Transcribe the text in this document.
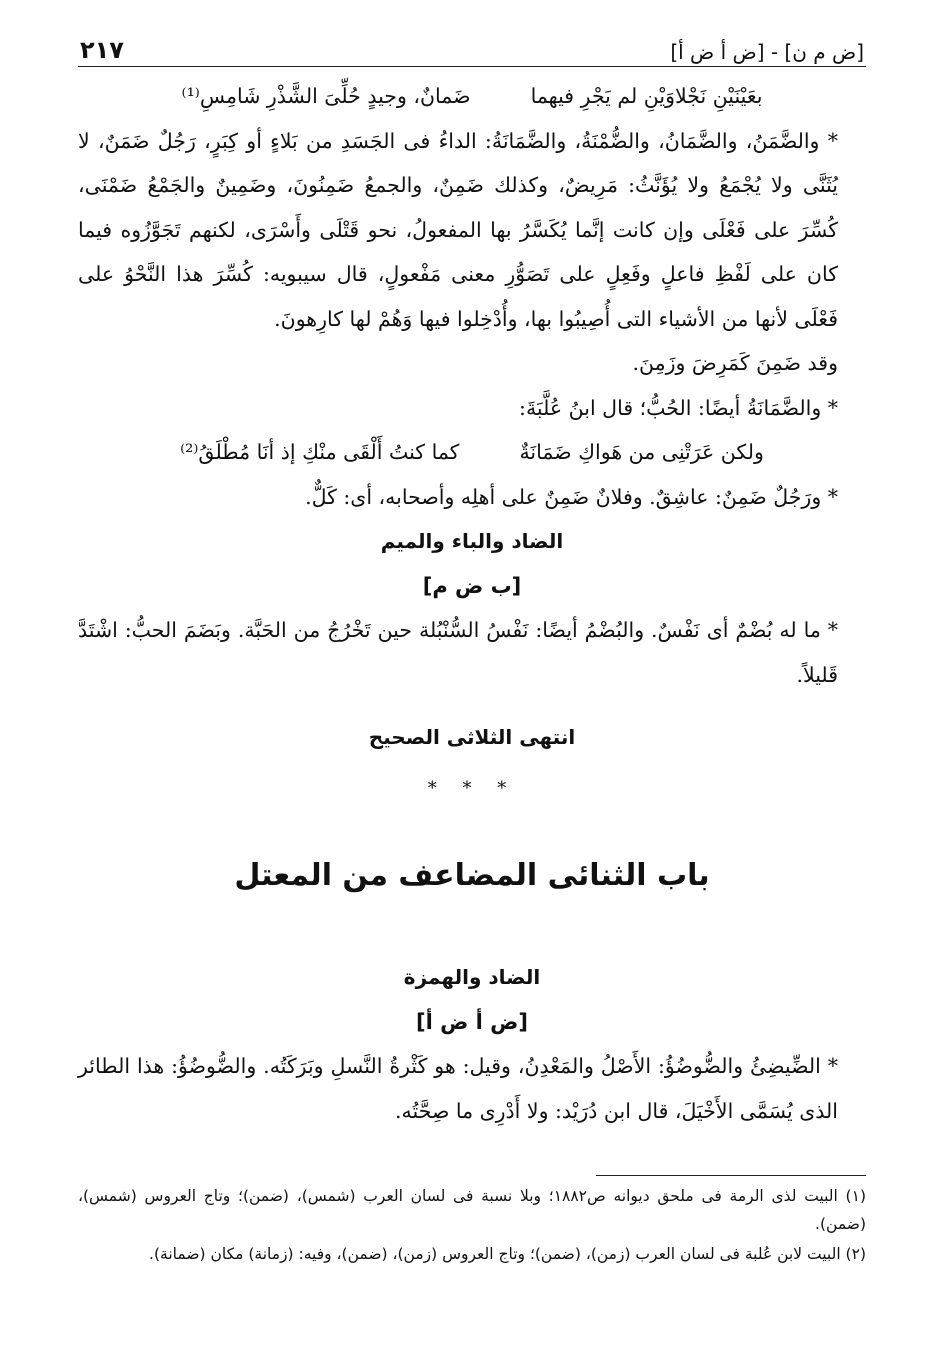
[ض م ن] - [ض أ ض أ]
٢١٧
بعَيْنَيْنِ نَجْلاوَيْنِ لم يَجْرِ فيهما
ضَمانٌ، وجيدٍ حُلِّىَ الشَّذْرِ شَامِسِ⁽¹⁾

* والضَّمَنُ، والضَّمَانُ، والضُّمْنَةُ، والضَّمَانَةُ: الداءُ فى الجَسَدِ من بَلاءٍ أو كِبَرٍ، رَجُلٌ ضَمَنٌ، لا يُثَنَّى ولا يُجْمَعُ ولا يُؤَنَّثُ: مَرِيضٌ، وكذلك ضَمِنٌ، والجمعُ ضَمِنُونَ، وضَمِينٌ والجَمْعُ ضَمْنَى، كُسِّرَ على فَعْلَى وإن كانت إنَّما يُكَسَّرُ بها المفعولُ، نحو قَتْلَى وأَسْرَى، لكنهم تَجَوَّزُوه فيما كان على لَفْظِ فاعلٍ وفَعِلٍ على تَصَوُّرِ معنى مَفْعولٍ، قال سيبويه: كُسِّرَ هذا النَّحْوُ على فَعْلَى لأنها من الأشياء التى أُصِيبُوا بها، وأُدْخِلوا فيها وَهُمْ لها كارِهونَ.

وقد ضَمِنَ كَمَرِضَ وزَمِنَ.

* والضَّمَانَةُ أيضًا: الحُبُّ؛ قال ابنُ عُلَّبَةَ:

ولكن عَرَتْنِى من هَواكِ ضَمَانَةٌ
كما كنتُ أَلْقَى منْكِ إذ أنَا مُطْلَقُ⁽²⁾

* ورَجُلٌ ضَمِنٌ: عاشِقٌ. وفلانٌ ضَمِنٌ على أهلِه وأصحابه، أى: كَلٌّ.

الضاد والباء والميم
[ب ض م]

* ما له بُضْمٌ أى نَفْسٌ. والبُضْمُ أيضًا: نَفْسُ السُّنْبُلة حين تَخْرُجُ من الحَبَّة. وبَضَمَ الحبُّ: اشْتَدَّ قَليلاً.

انتهى الثلاثى الصحيح
* * *
باب الثنائى المضاعف من المعتل
الضاد والهمزة
[ض أ ض أ]

* الضِّيضِئُ والضُّوضُؤُ: الأَصْلُ والمَعْدِنُ، وقيل: هو كَثْرةُ النَّسلِ وبَرَكَتُه. والضُّوضُؤُ: هذا الطائر الذى يُسَمَّى الأَخْيَلَ، قال ابن دُرَيْد: ولا أَدْرِى ما صِحَّتُه.

(١) البيت لذى الرمة فى ملحق ديوانه ص١٨٨٢؛ وبلا نسبة فى لسان العرب (شمس)، (ضمن)؛ وتاج العروس (شمس)، (ضمن).

(٢) البيت لابن عُلبة فى لسان العرب (زمن)، (ضمن)؛ وتاج العروس (زمن)، (ضمن)، وفيه: (زمانة) مكان (ضمانة).
